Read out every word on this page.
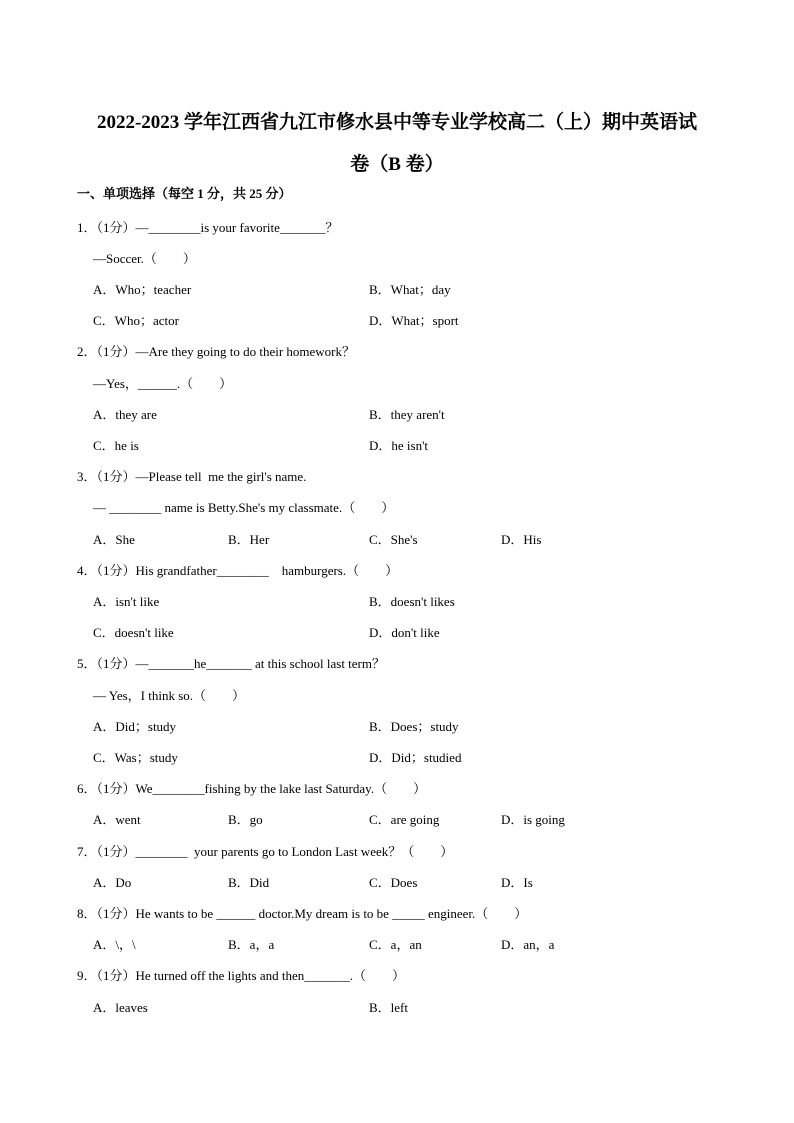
2022-2023 学年江西省九江市修水县中等专业学校高二（上）期中英语试
卷（B 卷）
一、单项选择（每空 1 分，共 25 分）
1．（1分）—________is your favorite_______？
—Soccer.（　　）
A．Who；teacher	B．What；day
C．Who；actor	D．What；sport
2．（1分）—Are they going to do their homework？
—Yes，______.（　　）
A．they are	B．they aren't
C．he is	D．he isn't
3．（1分）—Please tell  me the girl's name.
— ________ name is Betty.She's my classmate.（　　）
A．She	B．Her	C．She's	D．His
4．（1分）His grandfather________    hamburgers.（　　）
A．isn't like	B．doesn't likes
C．doesn't like	D．don't like
5．（1分）—_______he_______ at this school last term？
— Yes，I think so.（　　）
A．Did；study	B．Does；study
C．Was；study	D．Did；studied
6．（1分）We________fishing by the lake last Saturday.（　　）
A．went	B．go	C．are going	D．is going
7．（1分）________  your parents go to London Last week？（　　）
A．Do	B．Did	C．Does	D．Is
8．（1分）He wants to be ______ doctor.My dream is to be _____ engineer.（　　）
A．\，\	B．a，a	C．a，an	D．an，a
9．（1分）He turned off the lights and then_______.（　　）
A．leaves	B．left
